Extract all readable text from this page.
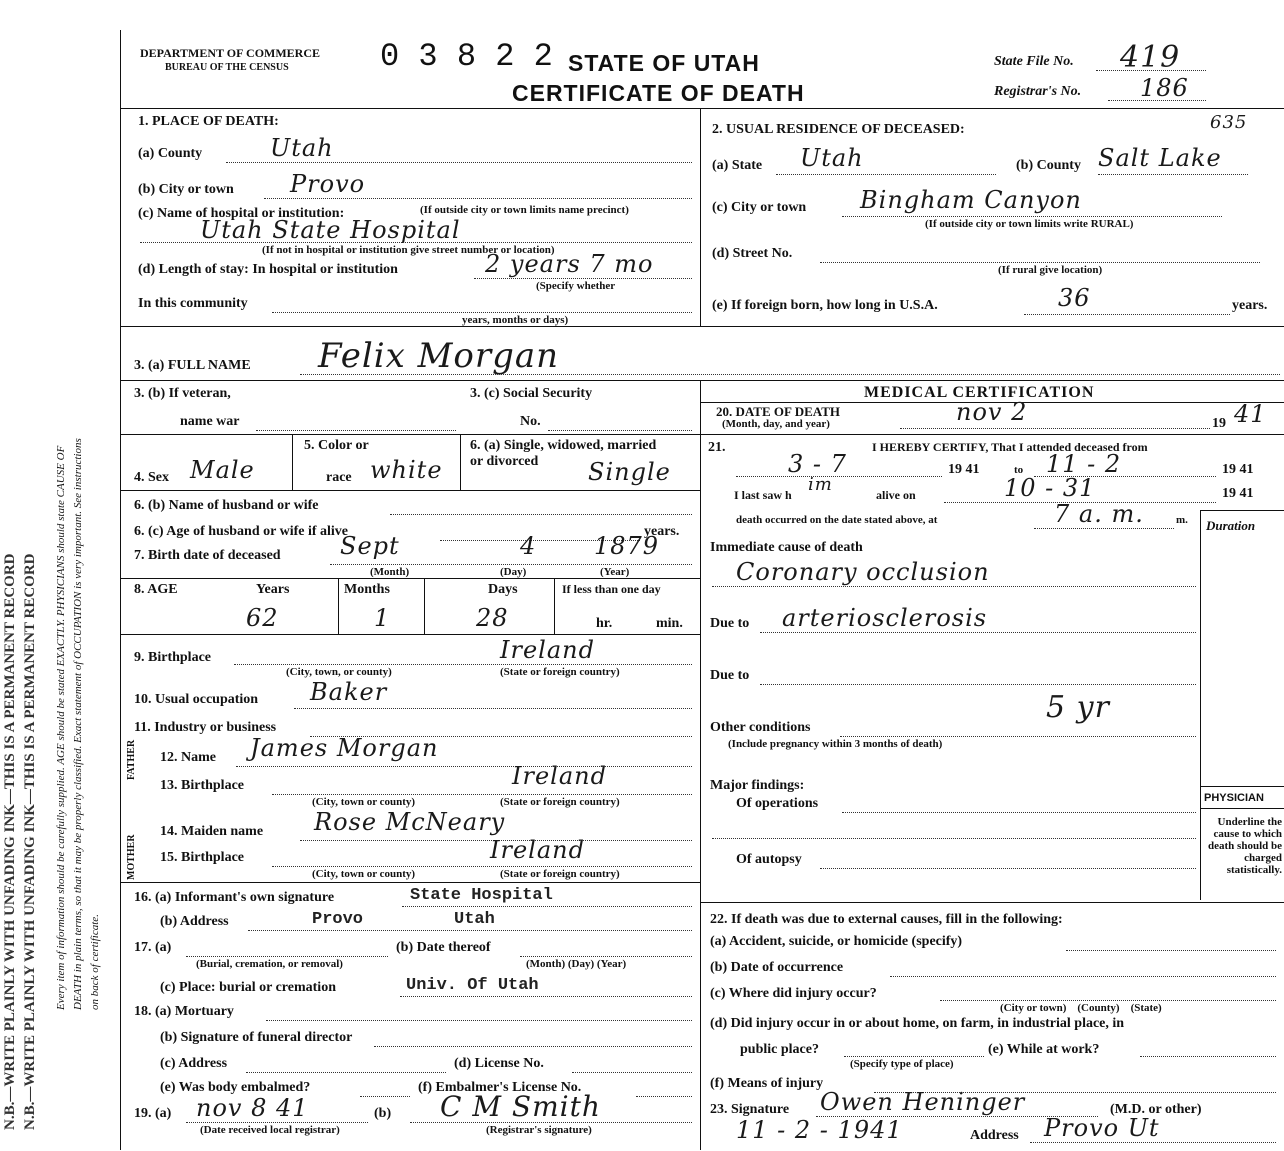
N.B.—WRITE PLAINLY WITH UNFADING INK—THIS IS A PERMANENT RECORD N.B.—WRITE PLAINLY WITH UNFADING INK—THIS IS A PERMANENT RECORD Every item of information should be carefully supplied. AGE should be stated EXACTLY. PHYSICIANS should state CAUSE OF DEATH in plain terms, so that it may be properly classified. Exact statement of OCCUPATION is very important. See instructions on back of certificate.
DEPARTMENT OF COMMERCE
BUREAU OF THE CENSUS	0 3 8 2 2 STATE OF UTAH
CERTIFICATE OF DEATH
State File No. 419
Registrar's No. 186
635
1. PLACE OF DEATH:
(a) County	Utah
(b) City or town Provo
(c) Name of hospital or institution:	(If outside city or town limits name precinct)
Utah State Hospital
(If not in hospital or institution give street number or location)
(d) Length of stay: In hospital or institution	2 years 7 mo
(Specify whether
In this community
years, months or days)
2. USUAL RESIDENCE OF DECEASED:
(a) State Utah	(b) County Salt Lake
(c) City or town Bingham Canyon
(If outside city or town limits write RURAL)
(d) Street No.
(If rural give location)
(e) If foreign born, how long in U.S.A.	36	years.
3. (a) FULL NAME Felix Morgan
3. (b) If veteran,
name war
3. (c) Social Security
No.
4. Sex Male
5. Color or
race white
6. (a) Single, widowed, married or divorced	Single
6. (b) Name of husband or wife
6. (c) Age of husband or wife if alive	years.
7. Birth date of deceased Sept	4 1879
(Month)	(Day)	(Year)
8. AGE	Years	Months	Days	If less than one day
62	1	28	hr.	min.
9. Birthplace	Ireland
(City, town, or county)	(State or foreign country)
10. Usual occupation Baker
11. Industry or business
FATHER
MOTHER
12. Name James Morgan
13. Birthplace	Ireland
(City, town or county)	(State or foreign country)
14. Maiden name Rose McNeary
15. Birthplace	Ireland
(City, town or county)	(State or foreign country)
16. (a) Informant's own signature	State Hospital
(b) Address	Provo	Utah
17. (a)
(Burial, cremation, or removal)
(b) Date thereof
(Month) (Day) (Year)
(c) Place: burial or cremation	Univ. Of Utah
18. (a) Mortuary
(b) Signature of funeral director
(c) Address	(d) License No.
(e) Was body embalmed?	(f) Embalmer's License No.
19. (a) nov 8 41
(Date received local registrar)
(b) C M Smith
(Registrar's signature)
MEDICAL CERTIFICATION
20. DATE OF DEATH
(Month, day, and year)	nov 2	19 41
21.	I HEREBY CERTIFY, That I attended deceased from
3 - 7	19 41	to 11 - 2	19 41
I last saw h im	alive on	10 - 31	19 41
death occurred on the date stated above, at	7 a. m.	m. Duration
Immediate cause of death
Coronary occlusion
Due to arteriosclerosis
Due to
5 yr
Other conditions
(Include pregnancy within 3 months of death)
Major findings:
Of operations
Of autopsy
PHYSICIAN
Underline the cause to which death should be charged statistically.
22. If death was due to external causes, fill in the following:
(a) Accident, suicide, or homicide (specify)
(b) Date of occurrence
(c) Where did injury occur?
(City or town)    (County)    (State)
(d) Did injury occur in or about home, on farm, in industrial place, in
public place?
(Specify type of place)
(e) While at work?
(f) Means of injury
23. Signature Owen Heninger	(M.D. or other)
11 - 2 - 1941	Address Provo Ut
